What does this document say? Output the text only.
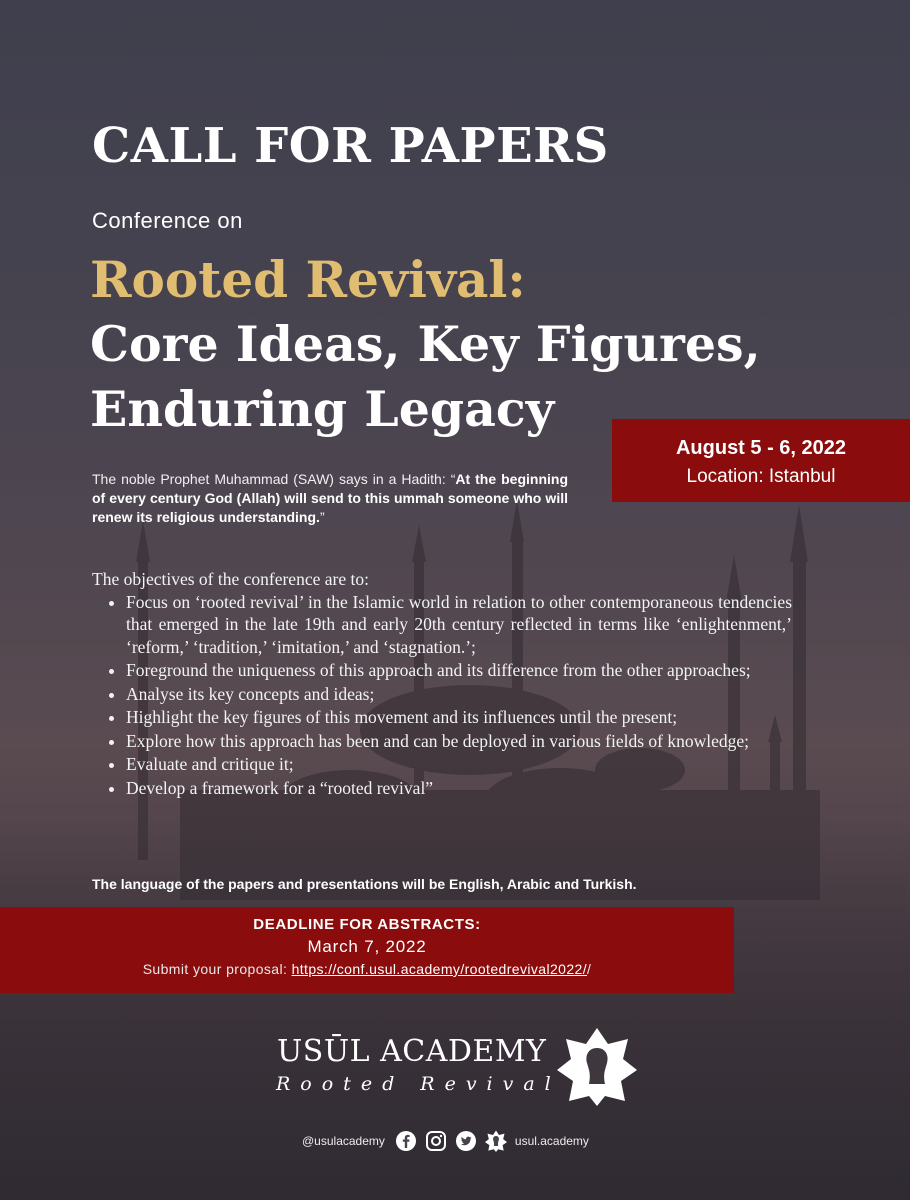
CALL FOR PAPERS
Conference on
Rooted Revival:
Core Ideas, Key Figures,
Enduring Legacy
August 5 - 6, 2022
Location: Istanbul
The noble Prophet Muhammad (SAW) says in a Hadith: “At the beginning of every century God (Allah) will send to this ummah someone who will renew its religious understanding.”
The objectives of the conference are to:
• Focus on ‘rooted revival’ in the Islamic world in relation to other contemporaneous tendencies that emerged in the late 19th and early 20th century reflected in terms like ‘enlightenment,’ ‘reform,’ ‘tradition,’ ‘imitation,’ and ‘stagnation.’;
• Foreground the uniqueness of this approach and its difference from the other approaches;
• Analyse its key concepts and ideas;
• Highlight the key figures of this movement and its influences until the present;
• Explore how this approach has been and can be deployed in various fields of knowledge;
• Evaluate and critique it;
• Develop a framework for a “rooted revival”
The language of the papers and presentations will be English, Arabic and Turkish.
DEADLINE FOR ABSTRACTS:
March 7, 2022
Submit your proposal: https://conf.usul.academy/rootedrevival2022//
USŪL ACADEMY
Rooted Revival
@usulacademy	usul.academy
